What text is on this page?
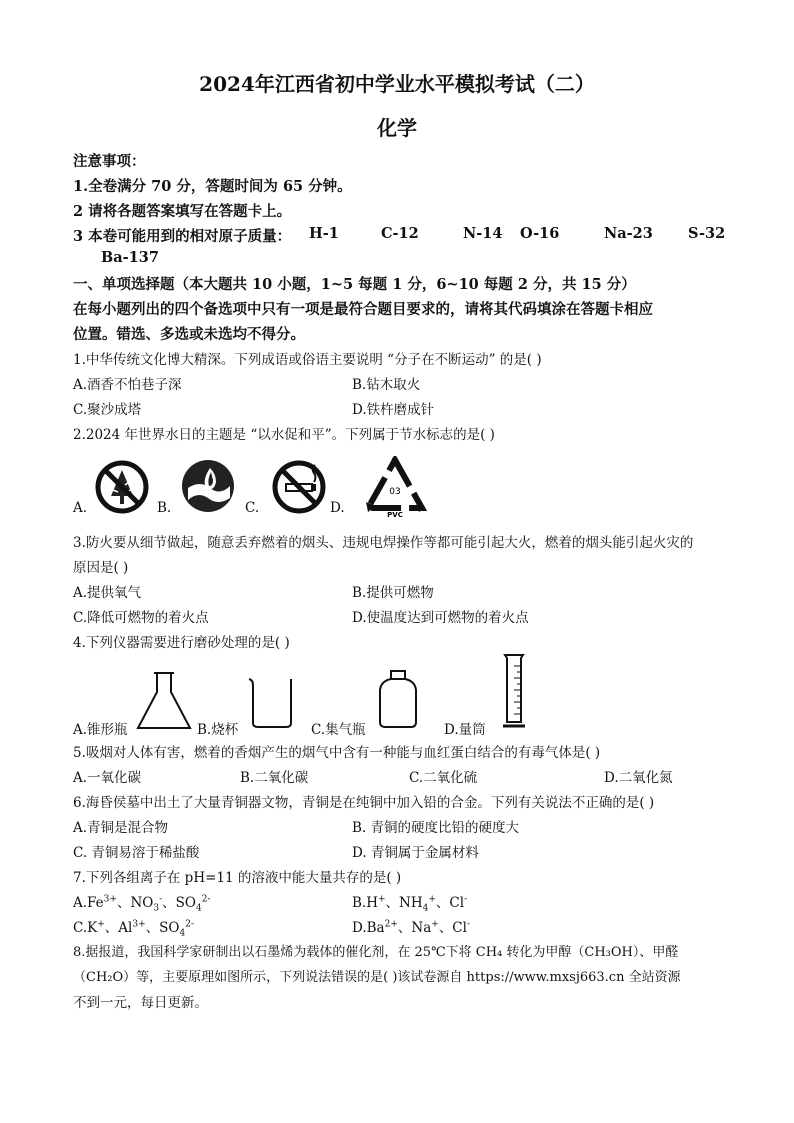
2024年江西省初中学业水平模拟考试（二）
化学
注意事项：
1.全卷满分 70 分，答题时间为 65 分钟。
2 请将各题答案填写在答题卡上。
3 本卷可能用到的相对原子质量： H-1	C-12	N-14 O-16	Na-23 S-32
Ba-137
一、单项选择题（本大题共 10 小题，1~5 每题 1 分，6~10 每题 2 分，共 15 分）
在每小题列出的四个备选项中只有一项是最符合题目要求的，请将其代码填涂在答题卡相应
位置。错选、多选或未选均不得分。
1.中华传统文化博大精深。下列成语或俗语主要说明 “分子在不断运动” 的是( )
A.酒香不怕巷子深	B.钻木取火
C.聚沙成塔	D.铁杵磨成针
2.2024 年世界水日的主题是 “以水促和平”。下列属于节水标志的是( )
A.	B.	C.	D.
03
PVC
3.防火要从细节做起，随意丢弃燃着的烟头、违规电焊操作等都可能引起大火，燃着的烟头能引起火灾的
原因是( )
A.提供氧气	B.提供可燃物
C.降低可燃物的着火点	D.使温度达到可燃物的着火点
4.下列仪器需要进行磨砂处理的是( )
A.锥形瓶	B.烧杯	C.集气瓶	D.量筒
5.吸烟对人体有害，燃着的香烟产生的烟气中含有一种能与血红蛋白结合的有毒气体是( )
A.一氧化碳	B.二氧化碳	C.二氧化硫	D.二氧化氮
6.海昏侯墓中出土了大量青铜器文物，青铜是在纯铜中加入铅的合金。下列有关说法不正确的是( )
A.青铜是混合物	B. 青铜的硬度比铅的硬度大
C. 青铜易溶于稀盐酸	D. 青铜属于金属材料
7.下列各组离子在 pH=11 的溶液中能大量共存的是( )
$A.Fe^{3+}$、$NO_3^-$、$SO_4^{2-}$	B.H+、$NH_4^+$、Cl-
C.K+、$Al^{3+}$、$SO_4^{2-}$	$D.Ba^{2+}$、Na+、Cl-
8.据报道，我国科学家研制出以石墨烯为载体的催化剂，在 25℃下将 CH₄ 转化为甲醇（CH₃OH）、甲醛
（CH₂O）等，主要原理如图所示，下列说法错误的是( )该试卷源自 https://www.mxsj663.cn 全站资源
不到一元，每日更新。
